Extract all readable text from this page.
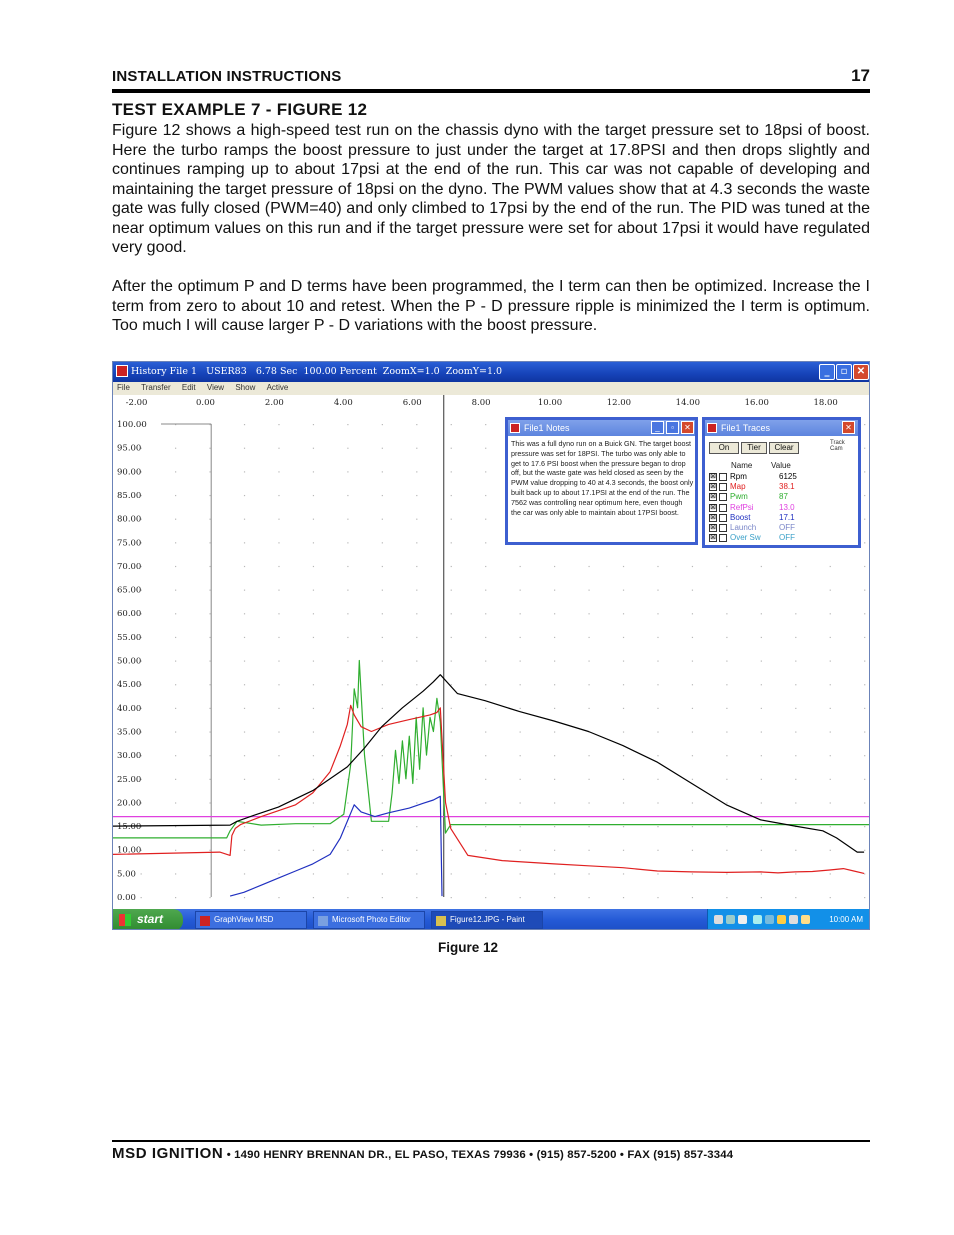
INSTALLATION INSTRUCTIONS	17
TEST EXAMPLE 7 - FIGURE 12
Figure 12 shows a high-speed test run on the chassis dyno with the target pressure set to 18psi of boost. Here the turbo ramps the boost pressure to just under the target at 17.8PSI and then drops slightly and continues ramping up to about 17psi at the end of the run. This car was not capable of developing and maintaining the target pressure of 18psi on the dyno. The PWM values show that at 4.3 seconds the waste gate was fully closed (PWM=40) and only climbed to 17psi by the end of the run. The PID was tuned at the near optimum values on this run and if the target pressure were set for about 17psi it would have regulated very good.
After the optimum P and D terms have been programmed, the I term can then be optimized. Increase the I term from zero to about 10 and retest. When the P - D pressure ripple is minimized the I term is optimum. Too much I will cause larger P - D variations with the boost pressure.
History File 1   USER83   6.78 Sec  100.00 Percent  ZoomX=1.0  ZoomY=1.0	_	▫ ✕
File Transfer Edit View Show Active
-2.00	0.00	2.00	4.00	6.00	8.00	10.00	12.00	14.00	16.00	18.00
100.00
95.00
90.00
85.00
80.00
75.00
70.00
65.00
60.00
55.00
50.00
45.00
40.00
35.00
30.00
25.00
20.00
15.00
10.00
5.00
0.00
File1 Notes	_	▫	✕
This was a full dyno run on a Buick GN. The target boost pressure was set for 18PSI. The turbo was only able to get to 17.6 PSI boost when the pressure began to drop off, but the waste gate was held closed as seen by the PWM value dropping to 40 at 4.3 seconds, the boost only built back up to about 17.1PSI at the end of the run. The 7562 was controlling near optimum here, even though the car was only able to maintain about 17PSI boost.
File1 Traces	✕
On	Tier	Clear	Track Cam
Name Value
⊠ Rpm	6125
⊠ Map	38.1
⊠ Pwm	87
⊠ RefPsi	13.0
⊠ Boost	17.1
⊠ Launch	OFF
⊠ Over Sw OFF
start	GraphView MSD	Microsoft Photo Editor	Figure12.JPG - Paint	10:00 AM
Figure 12
MSD IGNITION • 1490 HENRY BRENNAN DR., EL PASO, TEXAS 79936 • (915) 857-5200 • FAX (915) 857-3344
